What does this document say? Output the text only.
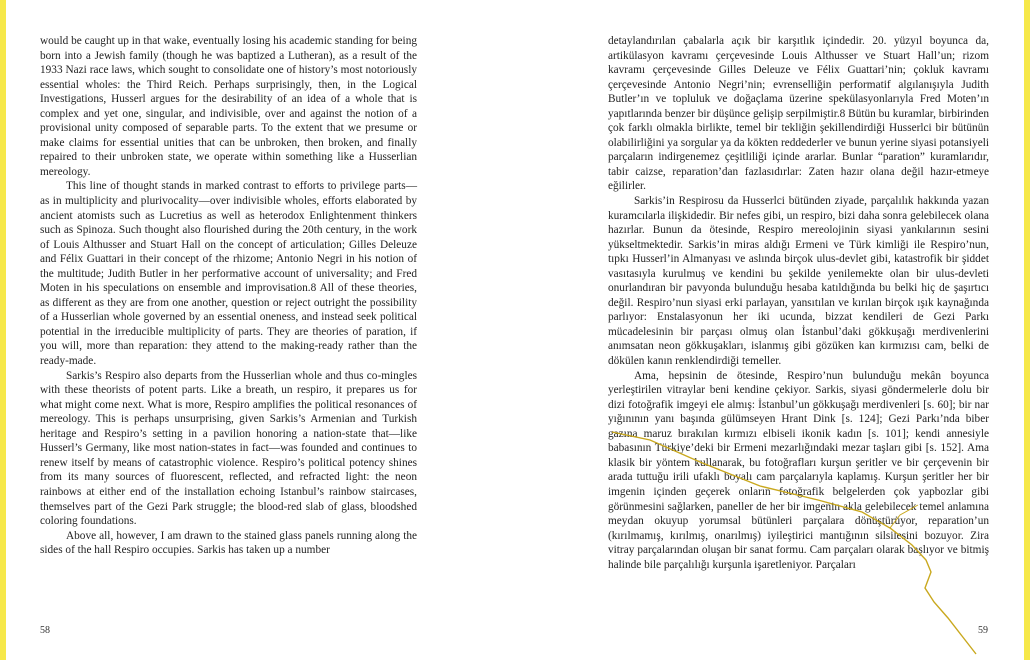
would be caught up in that wake, eventually losing his academic standing for being born into a Jewish family (though he was baptized a Lutheran), as a result of the 1933 Nazi race laws, which sought to consolidate one of history’s most notoriously essential wholes: the Third Reich. Perhaps surprisingly, then, in the Logical Investigations, Husserl argues for the desirability of an idea of a whole that is complex and yet one, singular, and indivisible, over and against the notion of a provisional unity composed of separable parts. To the extent that we presume or make claims for essential unities that can be unbroken, then broken, and finally repaired to their unbroken state, we operate within something like a Husserlian mereology.

This line of thought stands in marked contrast to efforts to privilege parts—as in multiplicity and plurivocality—over indivisible wholes, efforts elaborated by ancient atomists such as Lucretius as well as heterodox Enlightenment thinkers such as Spinoza. Such thought also flourished during the 20th century, in the work of Louis Althusser and Stuart Hall on the concept of articulation; Gilles Deleuze and Félix Guattari in their concept of the rhizome; Antonio Negri in his notion of the multitude; Judith Butler in her performative account of universality; and Fred Moten in his speculations on ensemble and improvisation.8 All of these theories, as different as they are from one another, question or reject outright the possibility of a Husserlian whole governed by an essential oneness, and instead seek political potential in the irreducible multiplicity of parts. They are theories of paration, if you will, more than reparation: they attend to the making-ready rather than the ready-made.

Sarkis’s Respiro also departs from the Husserlian whole and thus co-mingles with these theorists of potent parts. Like a breath, un respiro, it prepares us for what might come next. What is more, Respiro amplifies the political resonances of mereology. This is perhaps unsurprising, given Sarkis’s Armenian and Turkish heritage and Respiro’s setting in a pavilion honoring a nation-state that—like Husserl’s Germany, like most nation-states in fact—was founded and continues to renew itself by means of catastrophic violence. Respiro’s political potency shines from its many sources of fluorescent, reflected, and refracted light: the neon rainbows at either end of the installation echoing Istanbul’s rainbow staircases, themselves part of the Gezi Park struggle; the blood-red slab of glass, bloodshed coloring foundations.

Above all, however, I am drawn to the stained glass panels running along the sides of the hall Respiro occupies. Sarkis has taken up a number

detaylandırılan çabalarla açık bir karşıtlık içindedir. 20. yüzyıl boyunca da, artikülasyon kavramı çerçevesinde Louis Althusser ve Stuart Hall’un; rizom kavramı çerçevesinde Gilles Deleuze ve Félix Guattari’nin; çokluk kavramı çerçevesinde Antonio Negri’nin; evrenselliğin performatif algılanışıyla Judith Butler’ın ve topluluk ve doğaçlama üzerine spekülasyonlarıyla Fred Moten’ın yapıtlarında benzer bir düşünce gelişip serpilmiştir.8 Bütün bu kuramlar, birbirinden çok farklı olmakla birlikte, temel bir tekliğin şekillendirdiği Husserlci bir bütünün olabilirliğini ya sorgular ya da kökten reddederler ve bunun yerine siyasi potansiyeli parçaların indirgenemez çeşitliliği içinde ararlar. Bunlar “paration” kuramlarıdır, tabir caizse, reparation’dan fazlasıdırlar: Zaten hazır olana değil hazır-etmeye eğilirler.

Sarkis’in Respirosu da Husserlci bütünden ziyade, parçalılık hakkında yazan kuramcılarla ilişkidedir. Bir nefes gibi, un respiro, bizi daha sonra gelebilecek olana hazırlar. Bunun da ötesinde, Respiro mereolojinin siyasi yankılarının sesini yükseltmektedir. Sarkis’in miras aldığı Ermeni ve Türk kimliği ile Respiro’nun, tıpkı Husserl’in Almanyası ve aslında birçok ulus-devlet gibi, katastrofik bir şiddet vasıtasıyla kurulmuş ve kendini bu şekilde yenilemekte olan bir ulus-devleti onurlandıran bir pavyonda bulunduğu hesaba katıldığında bu belki hiç de şaşırtıcı değil. Respiro’nun siyasi erki parlayan, yansıtılan ve kırılan birçok ışık kaynağında parlıyor: Enstalasyonun her iki ucunda, bizzat kendileri de Gezi Parkı mücadelesinin bir parçası olmuş olan İstanbul’daki gökkuşağı merdivenlerini anımsatan neon gökkuşakları, islanmış gibi gözüken kan kırmızısı cam, belki de dökülen kanın renklendirdiği temeller.

Ama, hepsinin de ötesinde, Respiro’nun bulunduğu mekân boyunca yerleştirilen vitraylar beni kendine çekiyor. Sarkis, siyasi göndermelerle dolu bir dizi fotoğrafik imgeyi ele almış: İstanbul’un gökkuşağı merdivenleri [s. 60]; bir nar yığınının yanı başında gülümseyen Hrant Dink [s. 124]; Gezi Parkı’nda biber gazına maruz bırakılan kırmızı elbiseli ikonik kadın [s. 101]; kendi annesiyle babasının Türkiye’deki bir Ermeni mezarlığındaki mezar taşları gibi [s. 152]. Ama klasik bir yöntem kullanarak, bu fotoğrafları kurşun şeritler ve bir çerçevenin bir arada tuttuğu irili ufaklı boyalı cam parçalarıyla kaplamış. Kurşun şeritler her bir imgenin içinden geçerek onların fotoğrafik belgelerden çok yapbozlar gibi görünmesini sağlarken, paneller de her bir imgenin akla gelebilecek temel anlamına meydan okuyup yorumsal bütünleri parçalara dönüştürüyor, reparation’un (kırılmamış, kırılmış, onarılmış) iyileştirici mantığının silsilesini bozuyor. Zira vitray parçalarından oluşan bir sanat formu. Cam parçaları olarak başlıyor ve bitmiş halinde bile parçalılığı kurşunla işaretleniyor. Parçaları

58	59
